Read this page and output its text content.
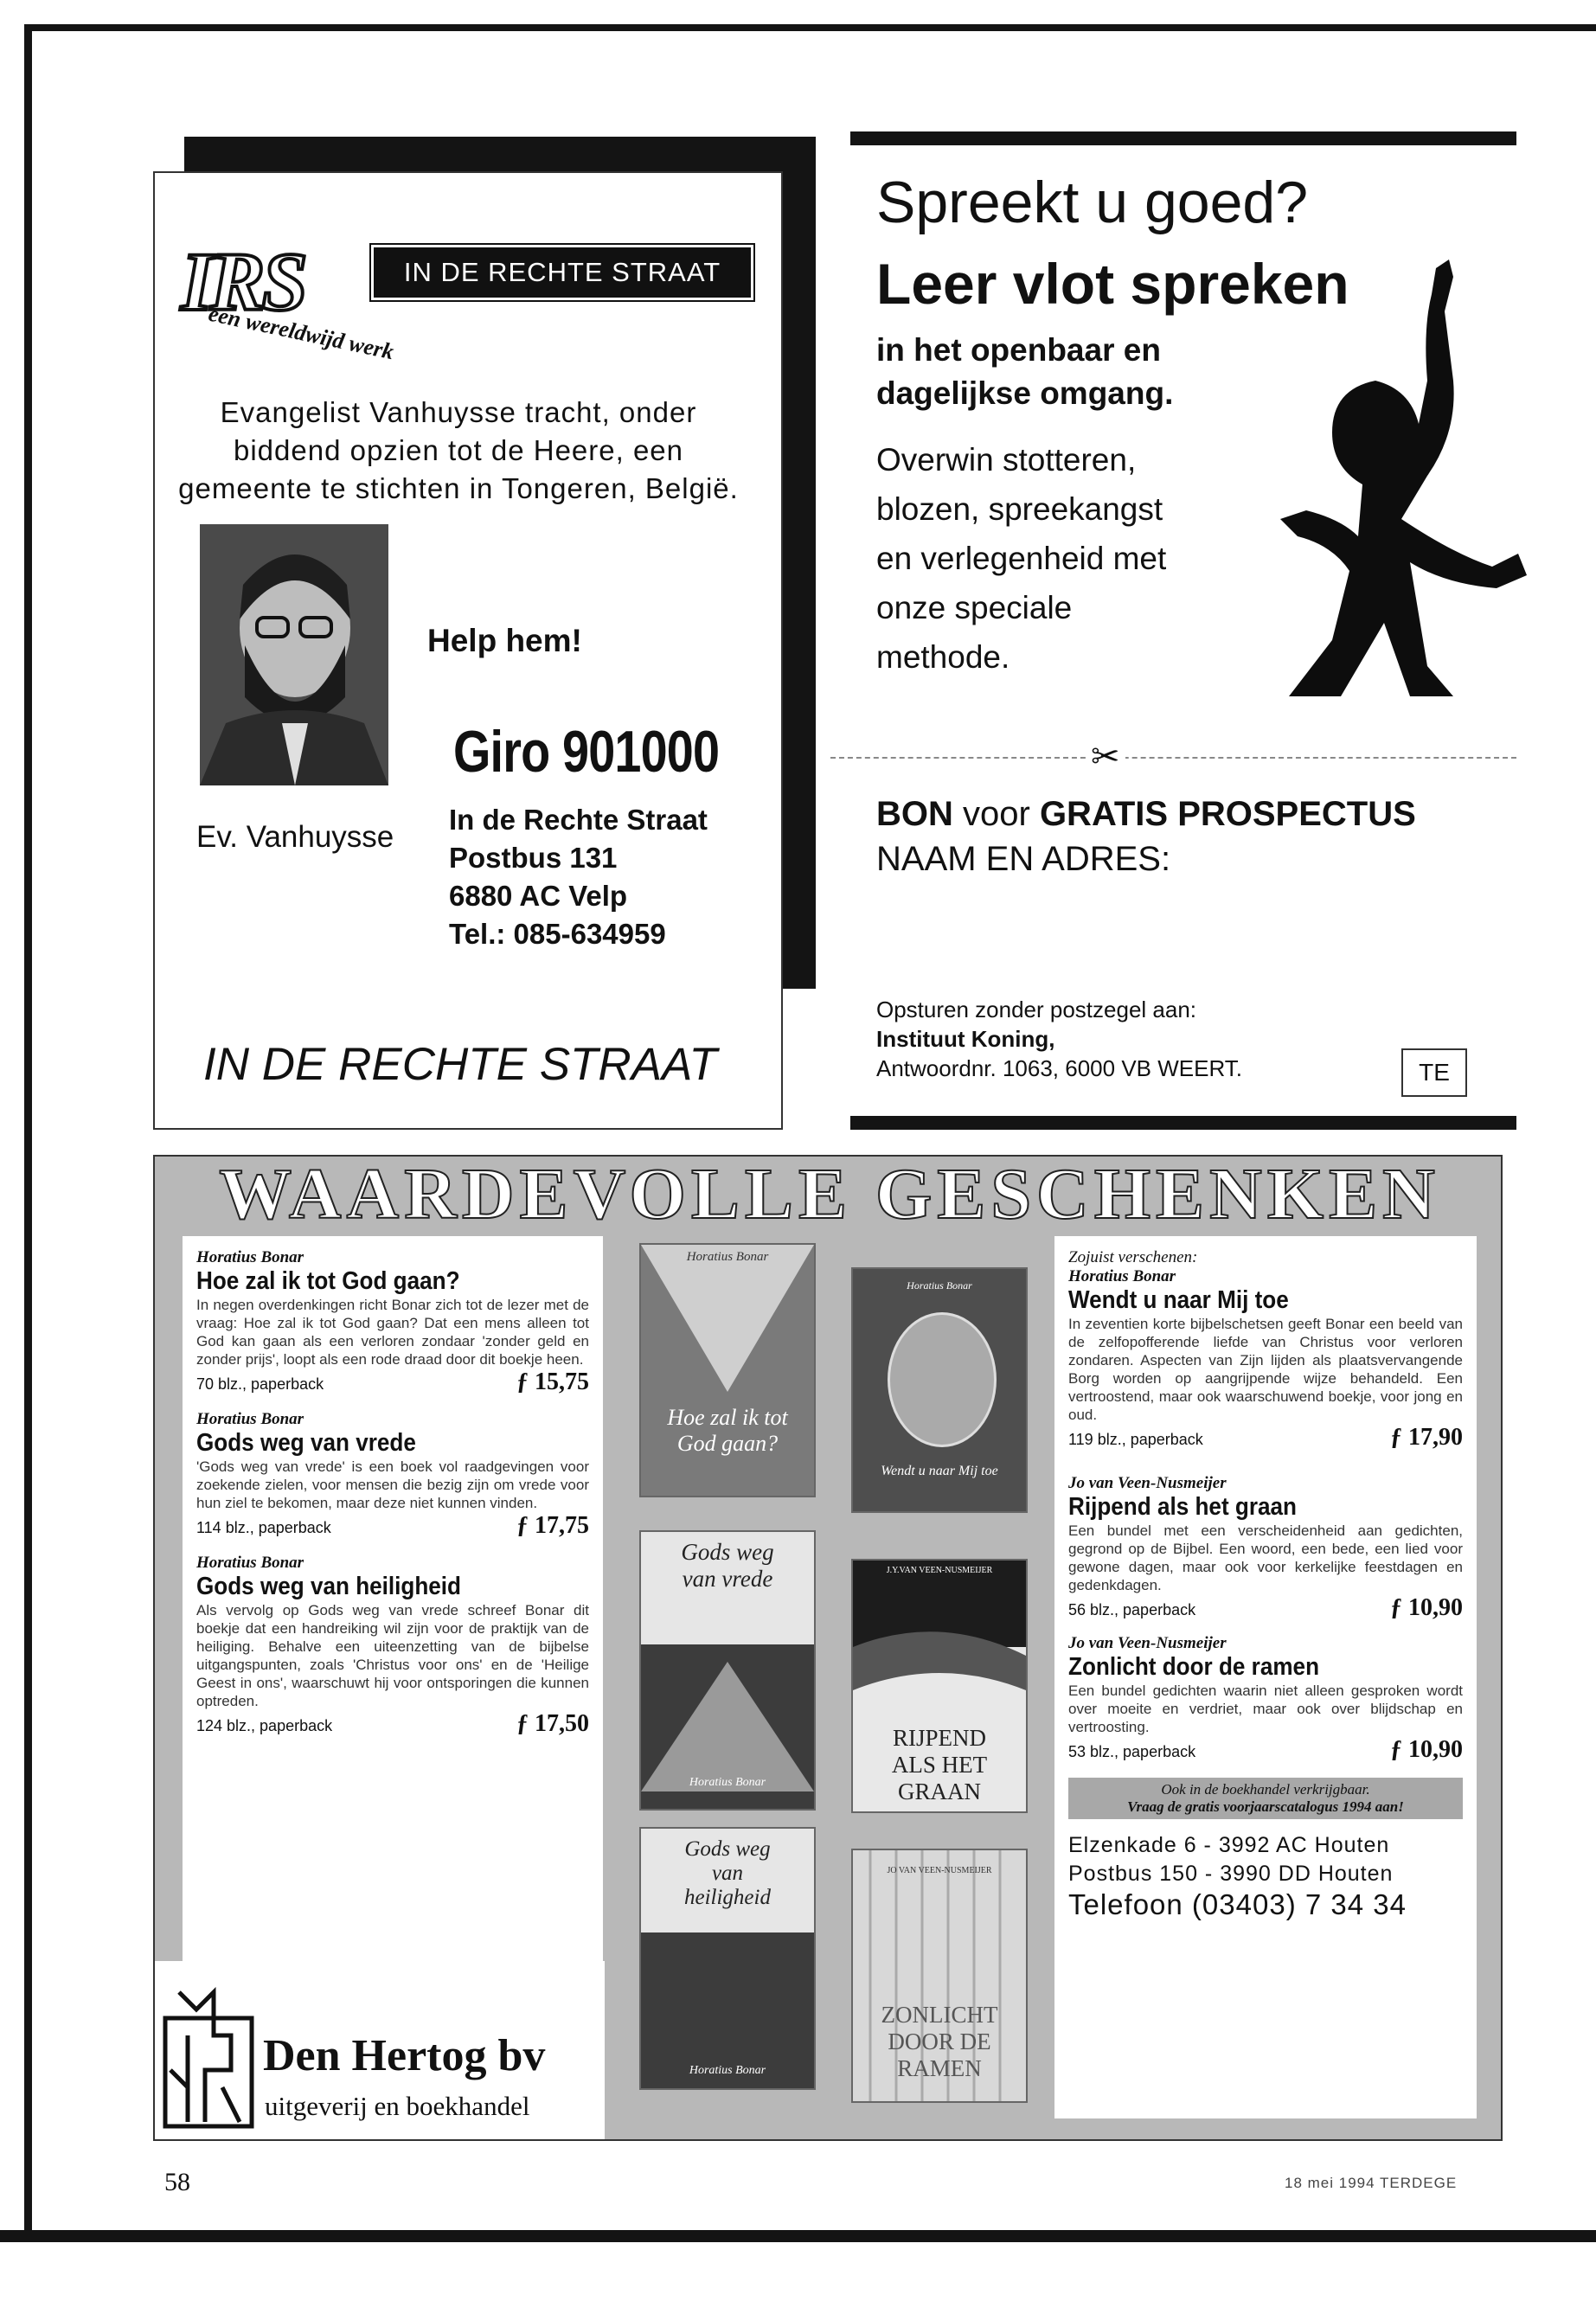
IRS	IN DE RECHTE STRAAT
een wereldwijd werk
Evangelist Vanhuysse tracht, onder biddend opzien tot de Heere, een gemeente te stichten in Tongeren, België.
Help hem!
Giro 901000
Ev. Vanhuysse
In de Rechte Straat
Postbus 131
6880 AC Velp
Tel.: 085-634959
IN DE RECHTE STRAAT
Spreekt u goed?
Leer vlot spreken
in het openbaar en
dagelijkse omgang.
Overwin stotteren,
blozen, spreekangst
en verlegenheid met
onze speciale
methode.
✂
BON voor GRATIS PROSPECTUS
NAAM EN ADRES:
Opsturen zonder postzegel aan:
Instituut Koning,
Antwoordnr. 1063, 6000 VB WEERT.	TE
WAARDEVOLLE GESCHENKEN
Horatius Bonar
Hoe zal ik tot God gaan?
In negen overdenkingen richt Bonar zich tot de lezer met de vraag: Hoe zal ik tot God gaan? Dat een mens alleen tot God kan gaan als een verloren zondaar 'zonder geld en zonder prijs', loopt als een rode draad door dit boekje heen.
70 blz., paperback	ƒ 15,75
Horatius Bonar
Gods weg van vrede
'Gods weg van vrede' is een boek vol raadgevingen voor zoekende zielen, voor mensen die bezig zijn om vrede voor hun ziel te bekomen, maar deze niet kunnen vinden.
114 blz., paperback	ƒ 17,75
Horatius Bonar
Gods weg van heiligheid
Als vervolg op Gods weg van vrede schreef Bonar dit boekje dat een handreiking wil zijn voor de praktijk van de heiliging. Behalve een uiteenzetting van de bijbelse uitgangspunten, zoals 'Christus voor ons' en de 'Heilige Geest in ons', waarschuwt hij voor ontsporingen die kunnen optreden.
124 blz., paperback	ƒ 17,50
Horatius Bonar
Hoe zal ik tot God gaan?
Horatius Bonar
Wendt u naar Mij toe
Gods weg van vrede
Horatius Bonar
J.Y.VAN VEEN-NUSMEIJER
RIJPEND ALS HET GRAAN
Gods weg van heiligheid
Horatius Bonar
JO VAN VEEN-NUSMEIJER
ZONLICHT DOOR DE RAMEN
Zojuist verschenen:
Horatius Bonar
Wendt u naar Mij toe
In zeventien korte bijbelschetsen geeft Bonar een beeld van de zelfopofferende liefde van Christus voor verloren zondaren. Aspecten van Zijn lijden als plaatsvervangende Borg worden op aangrijpende wijze behandeld. Een vertroostend, maar ook waarschuwend boekje, voor jong en oud.
119 blz., paperback	ƒ 17,90
Jo van Veen-Nusmeijer
Rijpend als het graan
Een bundel met een verscheidenheid aan gedichten, gegrond op de Bijbel. Een woord, een bede, een lied voor gewone dagen, maar ook voor kerkelijke feestdagen en gedenkdagen.
56 blz., paperback	ƒ 10,90
Jo van Veen-Nusmeijer
Zonlicht door de ramen
Een bundel gedichten waarin niet alleen gesproken wordt over moeite en verdriet, maar ook over blijdschap en vertroosting.
53 blz., paperback	ƒ 10,90
Ook in de boekhandel verkrijgbaar.
Vraag de gratis voorjaarscatalogus 1994 aan!
Elzenkade 6 - 3992 AC Houten
Postbus 150 - 3990 DD Houten
Telefoon (03403) 7 34 34
Den Hertog bv
uitgeverij en boekhandel
58	18 mei 1994 TERDEGE
